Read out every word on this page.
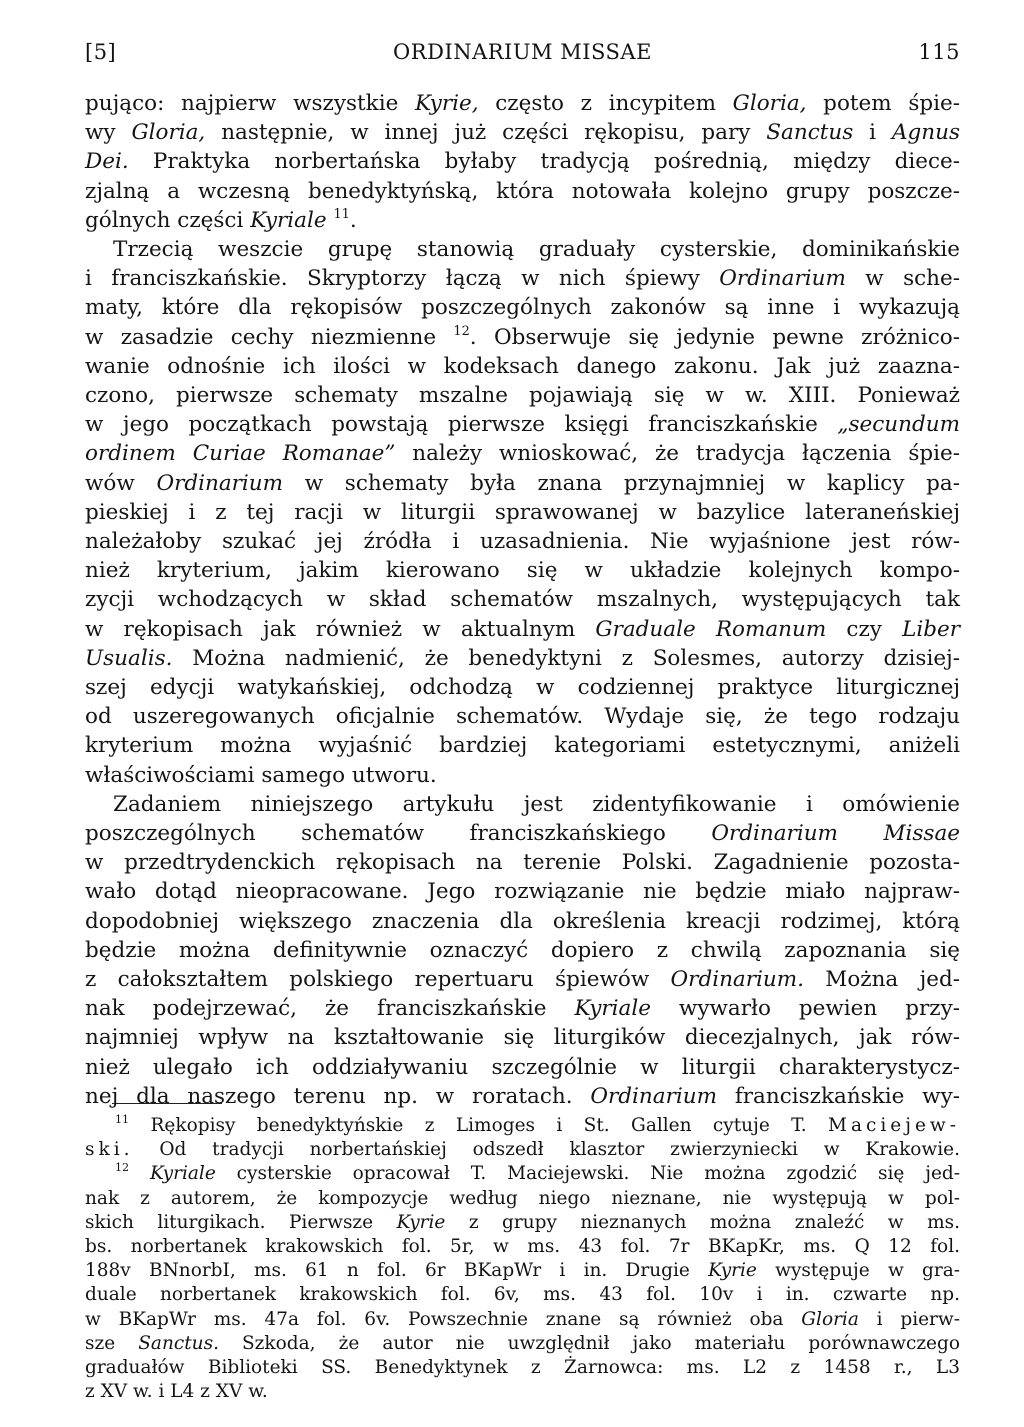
[5]	ORDINARIUM MISSAE	115
pująco: najpierw wszystkie Kyrie, często z incypitem Gloria, potem śpie-
wy Gloria, następnie, w innej już części rękopisu, pary Sanctus i Agnus
Dei. Praktyka norbertańska byłaby tradycją pośrednią, między diece-
zjalną a wczesną benedyktyńską, która notowała kolejno grupy poszcze-
gólnych części Kyriale $^{11}$.
Trzecią weszcie grupę stanowią graduały cysterskie, dominikańskie
i franciszkańskie. Skryptorzy łączą w nich śpiewy Ordinarium w sche-
maty, które dla rękopisów poszczególnych zakonów są inne i wykazują
w zasadzie cechy niezmienne $^{12}$. Obserwuje się jedynie pewne zróżnico-
wanie odnośnie ich ilości w kodeksach danego zakonu. Jak już zaazna-
czono, pierwsze schematy mszalne pojawiają się w w. XIII. Ponieważ
w jego początkach powstają pierwsze księgi franciszkańskie „secundum
ordinem Curiae Romanae” należy wnioskować, że tradycja łączenia śpie-
wów Ordinarium w schematy była znana przynajmniej w kaplicy pa-
pieskiej i z tej racji w liturgii sprawowanej w bazylice lateraneńskiej
należałoby szukać jej źródła i uzasadnienia. Nie wyjaśnione jest rów-
nież kryterium, jakim kierowano się w układzie kolejnych kompo-
zycji wchodzących w skład schematów mszalnych, występujących tak
w rękopisach jak również w aktualnym Graduale Romanum czy Liber
Usualis. Można nadmienić, że benedyktyni z Solesmes, autorzy dzisiej-
szej edycji watykańskiej, odchodzą w codziennej praktyce liturgicznej
od uszeregowanych oficjalnie schematów. Wydaje się, że tego rodzaju
kryterium można wyjaśnić bardziej kategoriami estetycznymi, aniżeli
właściwościami samego utworu.
Zadaniem niniejszego artykułu jest zidentyfikowanie i omówienie
poszczególnych schematów franciszkańskiego Ordinarium Missae
w przedtrydenckich rękopisach na terenie Polski. Zagadnienie pozosta-
wało dotąd nieopracowane. Jego rozwiązanie nie będzie miało najpraw-
dopodobniej większego znaczenia dla określenia kreacji rodzimej, którą
będzie można definitywnie oznaczyć dopiero z chwilą zapoznania się
z całokształtem polskiego repertuaru śpiewów Ordinarium. Można jed-
nak podejrzewać, że franciszkańskie Kyriale wywarło pewien przy-
najmniej wpływ na kształtowanie się liturgików diecezjalnych, jak rów-
nież ulegało ich oddziaływaniu szczególnie w liturgii charakterystycz-
nej dla naszego terenu np. w roratach. Ordinarium franciszkańskie wy-
$^{11}$ Rękopisy benedyktyńskie z Limoges i St. Gallen cytuje T. Maciejew-
ski. Od tradycji norbertańskiej odszedł klasztor zwierzyniecki w Krakowie.
$^{12}$ Kyriale cysterskie opracował T. Maciejewski. Nie można zgodzić się jed-
nak z autorem, że kompozycje według niego nieznane, nie występują w pol-
skich liturgikach. Pierwsze Kyrie z grupy nieznanych można znaleźć w ms.
bs. norbertanek krakowskich fol. 5r, w ms. 43 fol. 7r BKapKr, ms. Q 12 fol.
188v BNnorbI, ms. 61 n fol. 6r BKapWr i in. Drugie Kyrie występuje w gra-
duale norbertanek krakowskich fol. 6v, ms. 43 fol. 10v i in. czwarte np.
w BKapWr ms. 47a fol. 6v. Powszechnie znane są również oba Gloria i pierw-
sze Sanctus. Szkoda, że autor nie uwzględnił jako materiału porównawczego
graduałów Biblioteki SS. Benedyktynek z Żarnowca: ms. L2 z 1458 r., L3
z XV w. i L4 z XV w.
